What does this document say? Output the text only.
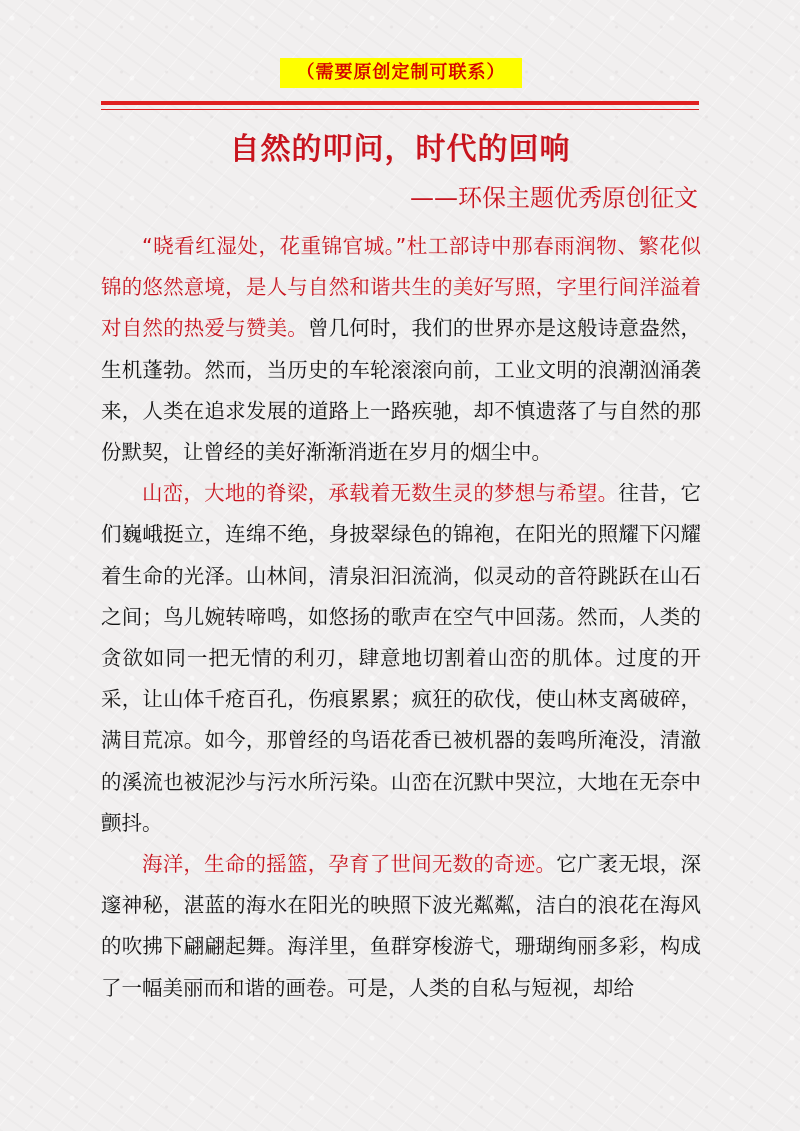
（需要原创定制可联系）
自然的叩问，时代的回响
——环保主题优秀原创征文

“晓看红湿处，花重锦官城。”杜工部诗中那春雨润物、繁花似锦的悠然意境，是人与自然和谐共生的美好写照，字里行间洋溢着对自然的热爱与赞美。曾几何时，我们的世界亦是这般诗意盎然，生机蓬勃。然而，当历史的车轮滚滚向前，工业文明的浪潮汹涌袭来，人类在追求发展的道路上一路疾驰，却不慎遗落了与自然的那份默契，让曾经的美好渐渐消逝在岁月的烟尘中。

山峦，大地的脊梁，承载着无数生灵的梦想与希望。往昔，它们巍峨挺立，连绵不绝，身披翠绿色的锦袍，在阳光的照耀下闪耀着生命的光泽。山林间，清泉汩汩流淌，似灵动的音符跳跃在山石之间；鸟儿婉转啼鸣，如悠扬的歌声在空气中回荡。然而，人类的贪欲如同一把无情的利刃，肆意地切割着山峦的肌体。过度的开采，让山体千疮百孔，伤痕累累；疯狂的砍伐，使山林支离破碎，满目荒凉。如今，那曾经的鸟语花香已被机器的轰鸣所淹没，清澈的溪流也被泥沙与污水所污染。山峦在沉默中哭泣，大地在无奈中颤抖。

海洋，生命的摇篮，孕育了世间无数的奇迹。它广袤无垠，深邃神秘，湛蓝的海水在阳光的映照下波光粼粼，洁白的浪花在海风的吹拂下翩翩起舞。海洋里，鱼群穿梭游弋，珊瑚绚丽多彩，构成了一幅美丽而和谐的画卷。可是，人类的自私与短视，却给
